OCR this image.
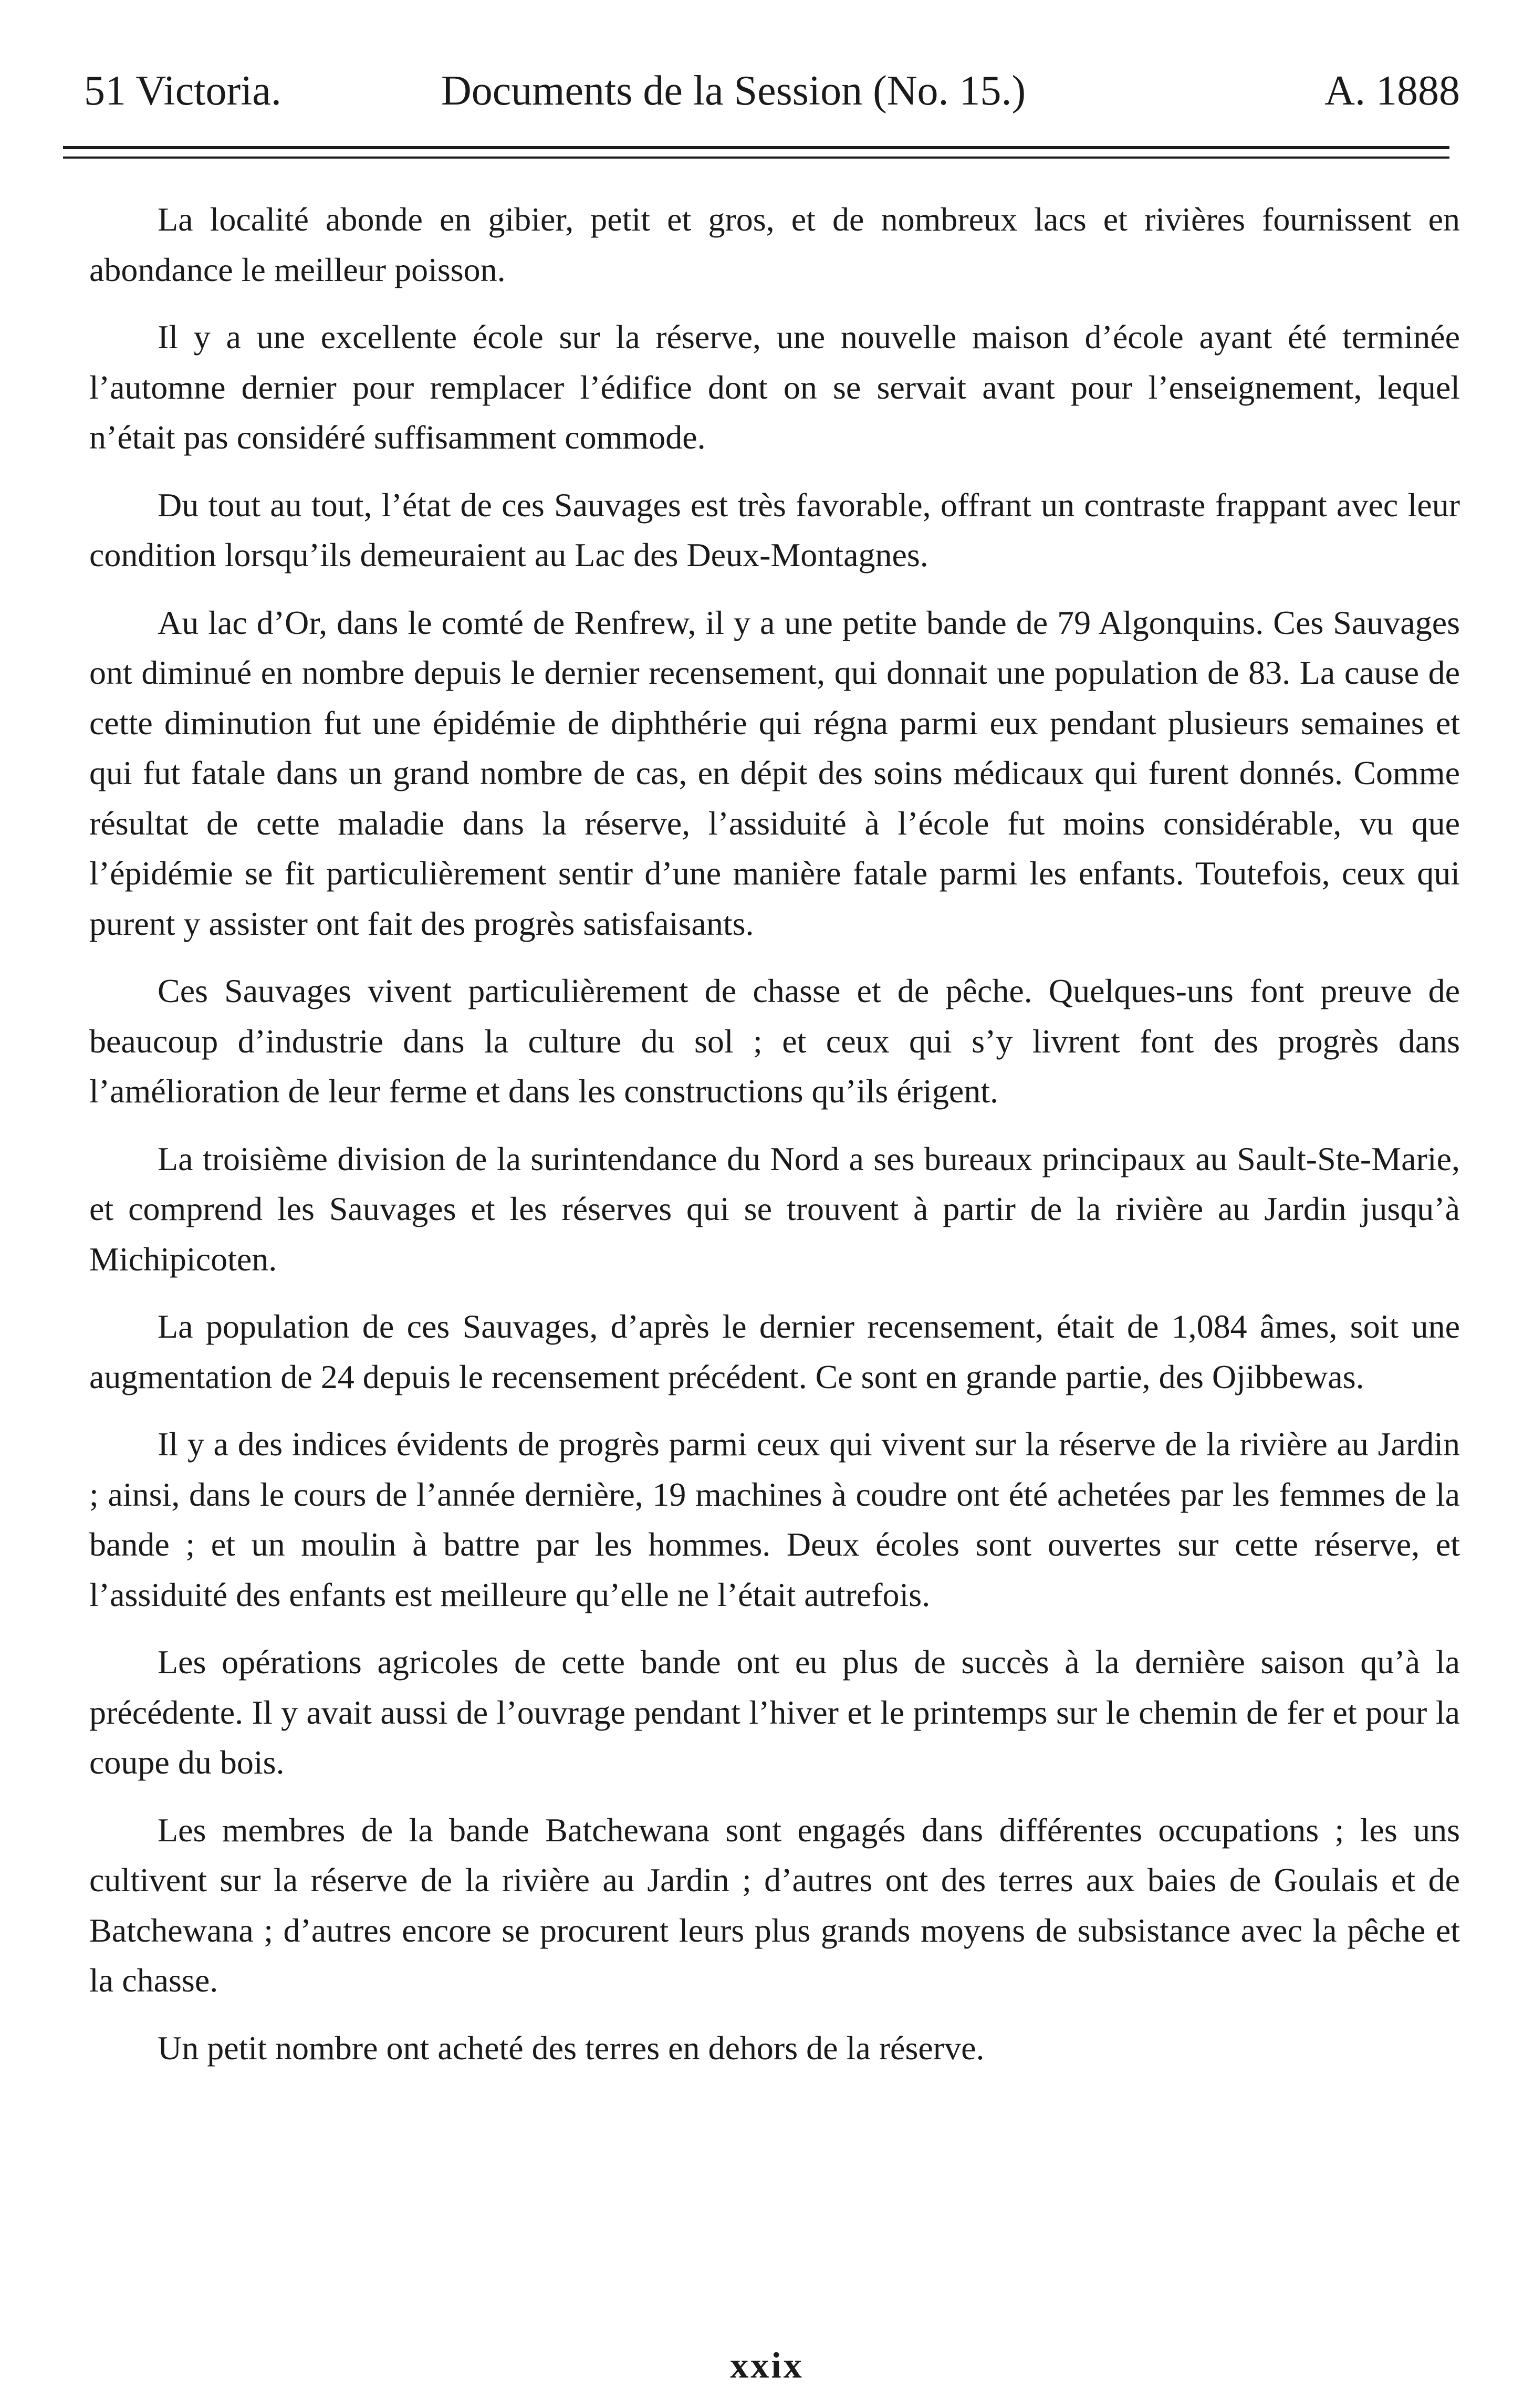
51 Victoria.	Documents de la Session (No. 15.)	A. 1888

La localité abonde en gibier, petit et gros, et de nombreux lacs et rivières fournissent en abondance le meilleur poisson.

Il y a une excellente école sur la réserve, une nouvelle maison d’école ayant été terminée l’automne dernier pour remplacer l’édifice dont on se servait avant pour l’enseignement, lequel n’était pas considéré suffisamment commode.

Du tout au tout, l’état de ces Sauvages est très favorable, offrant un contraste frappant avec leur condition lorsqu’ils demeuraient au Lac des Deux-Montagnes.

Au lac d’Or, dans le comté de Renfrew, il y a une petite bande de 79 Algonquins. Ces Sauvages ont diminué en nombre depuis le dernier recensement, qui donnait une population de 83. La cause de cette diminution fut une épidémie de diphthérie qui régna parmi eux pendant plusieurs semaines et qui fut fatale dans un grand nombre de cas, en dépit des soins médicaux qui furent donnés. Comme résultat de cette maladie dans la réserve, l’assiduité à l’école fut moins considérable, vu que l’épidémie se fit particulièrement sentir d’une manière fatale parmi les enfants. Toutefois, ceux qui purent y assister ont fait des progrès satisfaisants.

Ces Sauvages vivent particulièrement de chasse et de pêche. Quelques-uns font preuve de beaucoup d’industrie dans la culture du sol ; et ceux qui s’y livrent font des progrès dans l’amélioration de leur ferme et dans les constructions qu’ils érigent.

La troisième division de la surintendance du Nord a ses bureaux principaux au Sault-Ste-Marie, et comprend les Sauvages et les réserves qui se trouvent à partir de la rivière au Jardin jusqu’à Michipicoten.

La population de ces Sauvages, d’après le dernier recensement, était de 1,084 âmes, soit une augmentation de 24 depuis le recensement précédent. Ce sont en grande partie, des Ojibbewas.

Il y a des indices évidents de progrès parmi ceux qui vivent sur la réserve de la rivière au Jardin ; ainsi, dans le cours de l’année dernière, 19 machines à coudre ont été achetées par les femmes de la bande ; et un moulin à battre par les hommes. Deux écoles sont ouvertes sur cette réserve, et l’assiduité des enfants est meilleure qu’elle ne l’était autrefois.

Les opérations agricoles de cette bande ont eu plus de succès à la dernière saison qu’à la précédente. Il y avait aussi de l’ouvrage pendant l’hiver et le printemps sur le chemin de fer et pour la coupe du bois.

Les membres de la bande Batchewana sont engagés dans différentes occupations ; les uns cultivent sur la réserve de la rivière au Jardin ; d’autres ont des terres aux baies de Goulais et de Batchewana ; d’autres encore se procurent leurs plus grands moyens de subsistance avec la pêche et la chasse.

Un petit nombre ont acheté des terres en dehors de la réserve.

xxix
